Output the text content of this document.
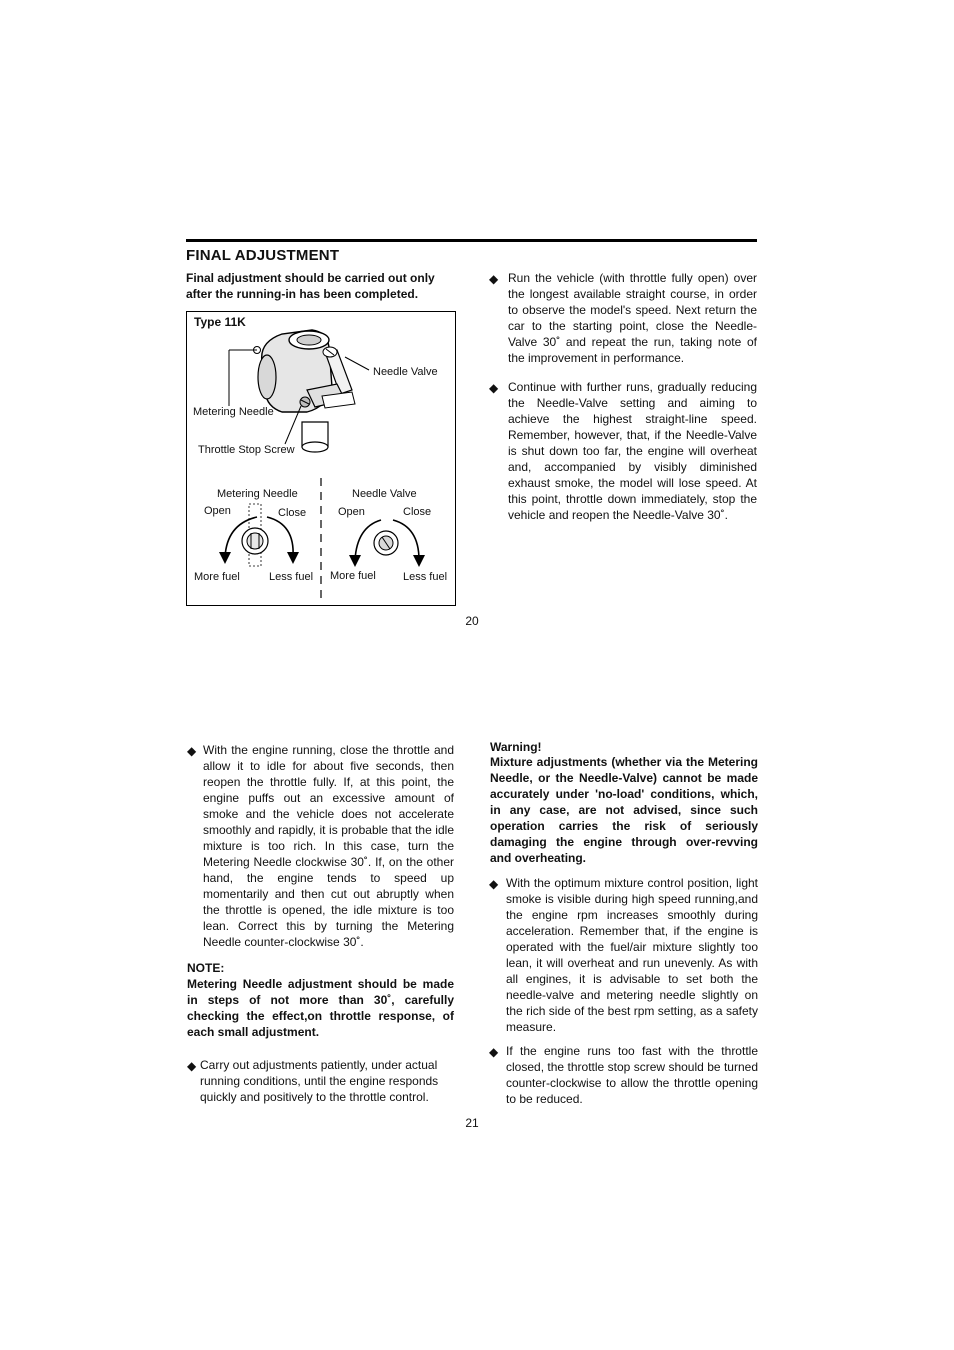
FINAL ADJUSTMENT
Final adjustment should be carried out only after the running-in has been completed.
Type 11K
Needle Valve
Metering Needle
Throttle Stop Screw
Metering Needle
Open	Close
More fuel	Less fuel
Needle Valve
Open	Close
More fuel Less fuel
◆ Run the vehicle (with throttle fully open) over the longest available straight course, in order to observe the model's speed. Next return the car to the starting point, close the Needle-Valve 30˚ and repeat the run, taking note of the improvement in performance.
◆ Continue with further runs, gradually reducing the Needle-Valve setting and aiming to achieve the highest straight-line speed. Remember, however, that, if the Needle-Valve is shut down too far, the engine will overheat and, accompanied by visibly diminished exhaust smoke, the model will lose speed. At this point, throttle down immediately, stop the vehicle and reopen the Needle-Valve 30˚.
20
◆ With the engine running, close the throttle and allow it to idle for about five seconds, then reopen the throttle fully. If, at this point, the engine puffs out an excessive amount of smoke and the vehicle does not accelerate smoothly and rapidly, it is probable that the idle mixture is too rich. In this case, turn the Metering Needle clockwise 30˚. If, on the other hand, the engine tends to speed up momentarily and then cut out abruptly when the throttle is opened, the idle mixture is too lean. Correct this by turning the Metering Needle counter-clockwise 30˚.
NOTE:
Metering Needle adjustment should be made in steps of not more than 30˚, carefully checking the effect,on throttle response, of each small adjustment.
◆ Carry out adjustments patiently, under actual running conditions, until the engine responds quickly and positively to the throttle control.
Warning!
Mixture adjustments (whether via the Metering Needle, or the Needle-Valve) cannot be made accurately under 'no-load' conditions, which, in any case, are not advised, since such operation carries the risk of seriously damaging the engine through over-revving and overheating.
◆ With the optimum mixture control position, light smoke is visible during high speed running,and the engine rpm increases smoothly during acceleration. Remember that, if the engine is operated with the fuel/air mixture slightly too lean, it will overheat and run unevenly. As with all engines, it is advisable to set both the needle-valve and metering needle slightly on the rich side of the best rpm setting, as a safety measure.
◆ If the engine runs too fast with the throttle closed, the throttle stop screw should be turned counter-clockwise to allow the throttle opening to be reduced.
21
